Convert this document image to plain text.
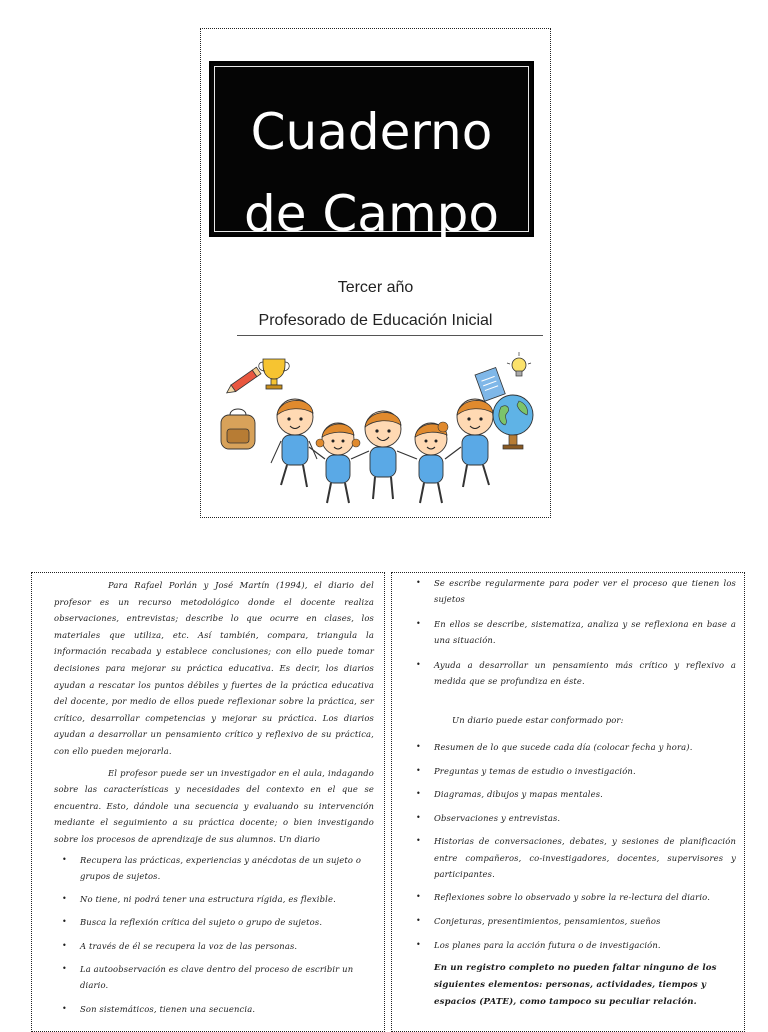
Cuaderno
de Campo
Tercer año
Profesorado de Educación Inicial

Para Rafael Porlán y José Martín (1994), el diario del profesor es un recurso metodológico donde el docente realiza observaciones, entrevistas; describe lo que ocurre en clases, los materiales que utiliza, etc. Así también, compara, triangula la información recabada y establece conclusiones; con ello puede tomar decisiones para mejorar su práctica educativa. Es decir, los diarios ayudan a rescatar los puntos débiles y fuertes de la práctica educativa del docente, por medio de ellos puede reflexionar sobre la práctica, ser crítico, desarrollar competencias y mejorar su práctica. Los diarios ayudan a desarrollar un pensamiento crítico y reflexivo de su práctica, con ello pueden mejorarla.

El profesor puede ser un investigador en el aula, indagando sobre las características y necesidades del contexto en el que se encuentra. Esto, dándole una secuencia y evaluando su intervención mediante el seguimiento a su práctica docente; o bien investigando sobre los procesos de aprendizaje de sus alumnos. Un diario

• Recupera las prácticas, experiencias y anécdotas de un sujeto o grupos de sujetos.
• No tiene, ni podrá tener una estructura rígida, es flexible.
• Busca la reflexión crítica del sujeto o grupo de sujetos.
• A través de él se recupera la voz de las personas.
• La autoobservación es clave dentro del proceso de escribir un diario.
• Son sistemáticos, tienen una secuencia.
• Se escribe regularmente para poder ver el proceso que tienen los sujetos
• En ellos se describe, sistematiza, analiza y se reflexiona en base a una situación.
• Ayuda a desarrollar un pensamiento más crítico y reflexivo a medida que se profundiza en éste.

Un diario puede estar conformado por:

• Resumen de lo que sucede cada día (colocar fecha y hora).
• Preguntas y temas de estudio o investigación.
• Diagramas, dibujos y mapas mentales.
• Observaciones y entrevistas.
• Historias de conversaciones, debates, y sesiones de planificación entre compañeros, co-investigadores, docentes, supervisores y participantes.
• Reflexiones sobre lo observado y sobre la re-lectura del diario.
• Conjeturas, presentimientos, pensamientos, sueños
• Los planes para la acción futura o de investigación.

En un registro completo no pueden faltar ninguno de los siguientes elementos: personas, actividades, tiempos y espacios (PATE), como tampoco su peculiar relación.
